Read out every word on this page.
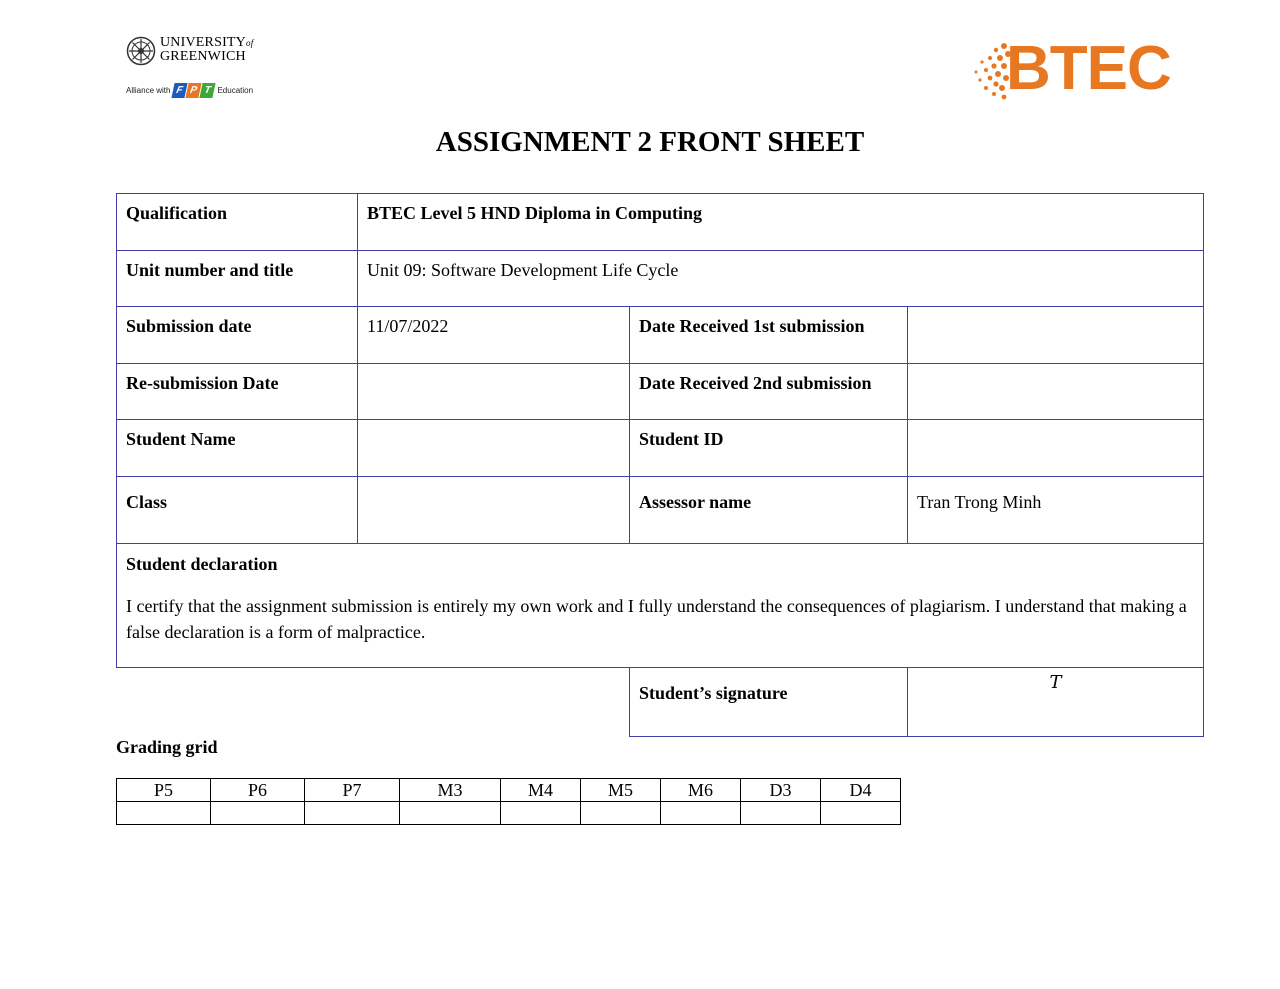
UNIVERSITYof
GREENWICH
Alliance with F P T Education	BTEC
ASSIGNMENT 2 FRONT SHEET
Qualification	BTEC Level 5 HND Diploma in Computing		
Unit number and title	Unit 09: Software Development Life Cycle		
Submission date	11/07/2022	Date Received 1st submission	
Re-submission Date		Date Received 2nd submission	
Student Name		Student ID	
Class		Assessor name	Tran Trong Minh

Student declaration
I certify that the assignment submission is entirely my own work and I fully understand the consequences of plagiarism. I understand that making a false declaration is a form of malpractice.			

		Student’s signature	T
Grading grid
P5	P6	P7	M3	M4	M5	M6	D3	D4
